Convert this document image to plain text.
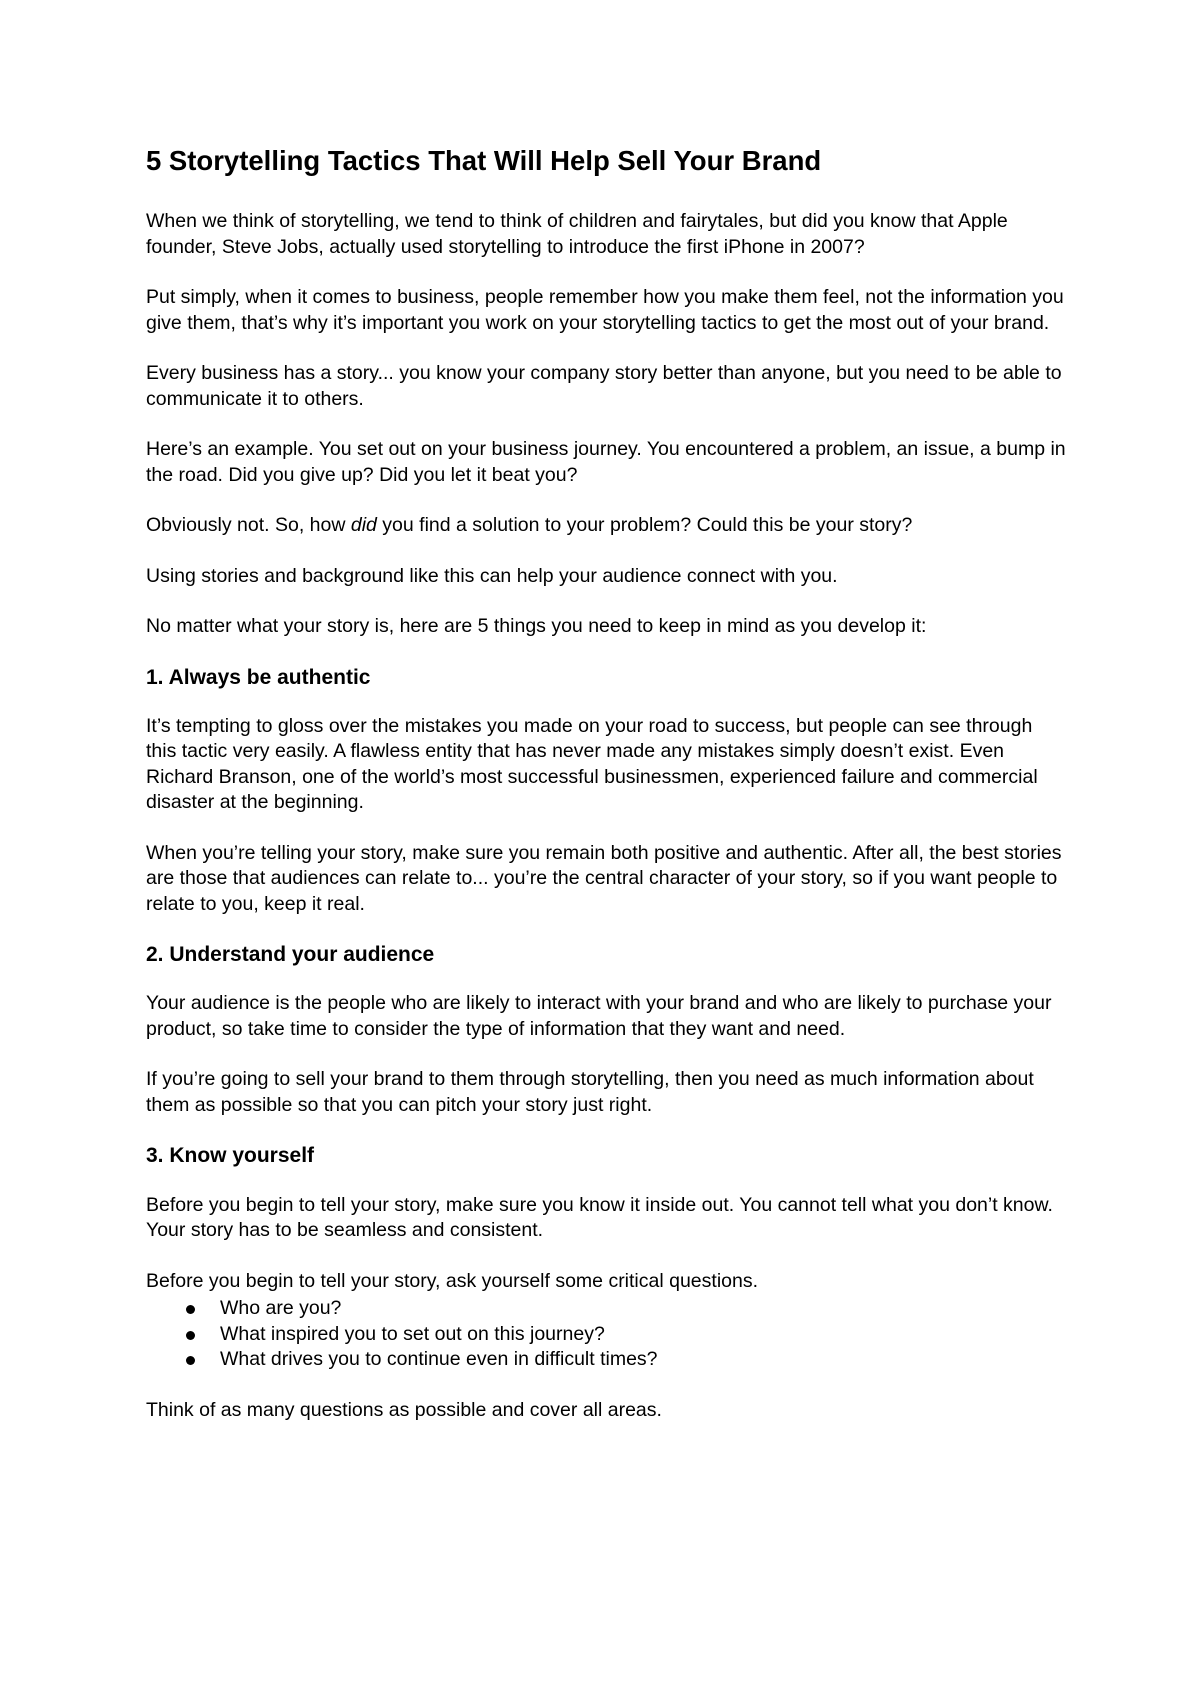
5 Storytelling Tactics That Will Help Sell Your Brand

When we think of storytelling, we tend to think of children and fairytales, but did you know that Apple founder, Steve Jobs, actually used storytelling to introduce the first iPhone in 2007?

Put simply, when it comes to business, people remember how you make them feel, not the information you give them, that’s why it’s important you work on your storytelling tactics to get the most out of your brand.

Every business has a story... you know your company story better than anyone, but you need to be able to communicate it to others.

Here’s an example. You set out on your business journey. You encountered a problem, an issue, a bump in the road. Did you give up? Did you let it beat you?

Obviously not. So, how did you find a solution to your problem? Could this be your story?

Using stories and background like this can help your audience connect with you.

No matter what your story is, here are 5 things you need to keep in mind as you develop it:

1. Always be authentic

It’s tempting to gloss over the mistakes you made on your road to success, but people can see through this tactic very easily. A flawless entity that has never made any mistakes simply doesn’t exist. Even Richard Branson, one of the world’s most successful businessmen, experienced failure and commercial disaster at the beginning.

When you’re telling your story, make sure you remain both positive and authentic. After all, the best stories are those that audiences can relate to... you’re the central character of your story, so if you want people to relate to you, keep it real.

2. Understand your audience

Your audience is the people who are likely to interact with your brand and who are likely to purchase your product, so take time to consider the type of information that they want and need.

If you’re going to sell your brand to them through storytelling, then you need as much information about them as possible so that you can pitch your story just right.

3. Know yourself

Before you begin to tell your story, make sure you know it inside out. You cannot tell what you don’t know. Your story has to be seamless and consistent.

Before you begin to tell your story, ask yourself some critical questions.

Who are you?
What inspired you to set out on this journey?
What drives you to continue even in difficult times?

Think of as many questions as possible and cover all areas.
